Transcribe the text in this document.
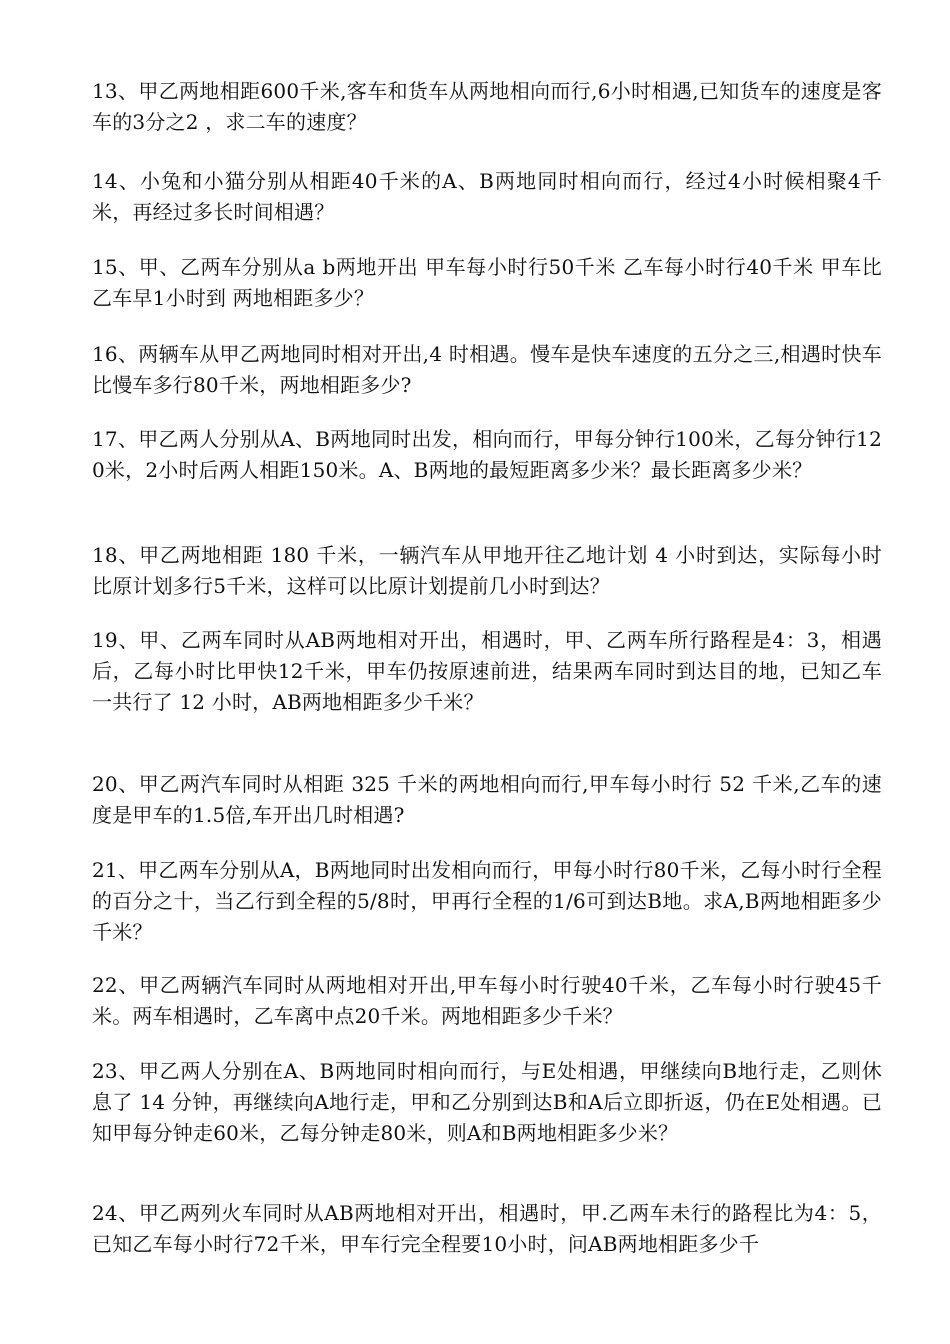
13、甲乙两地相距600千米,客车和货车从两地相向而行,6小时相遇,已知货车的速度是客车的3分之2 ，求二车的速度？

14、小兔和小猫分别从相距40千米的A、B两地同时相向而行，经过4小时候相聚4千米，再经过多长时间相遇？

15、甲、乙两车分别从a b两地开出 甲车每小时行50千米 乙车每小时行40千米 甲车比乙车早1小时到 两地相距多少？

16、两辆车从甲乙两地同时相对开出,4 时相遇。慢车是快车速度的五分之三,相遇时快车比慢车多行80千米，两地相距多少?

17、甲乙两人分别从A、B两地同时出发，相向而行，甲每分钟行100米，乙每分钟行120米，2小时后两人相距150米。A、B两地的最短距离多少米？最长距离多少米？

18、甲乙两地相距 180 千米，一辆汽车从甲地开往乙地计划 4 小时到达，实际每小时比原计划多行5千米，这样可以比原计划提前几小时到达？

19、甲、乙两车同时从AB两地相对开出，相遇时，甲、乙两车所行路程是4：3，相遇后，乙每小时比甲快12千米，甲车仍按原速前进，结果两车同时到达目的地，已知乙车一共行了 12 小时，AB两地相距多少千米？

20、甲乙两汽车同时从相距 325 千米的两地相向而行,甲车每小时行 52 千米,乙车的速度是甲车的1.5倍,车开出几时相遇?

21、甲乙两车分别从A，B两地同时出发相向而行，甲每小时行80千米，乙每小时行全程的百分之十，当乙行到全程的5/8时，甲再行全程的1/6可到达B地。求A,B两地相距多少千米？

22、甲乙两辆汽车同时从两地相对开出,甲车每小时行驶40千米，乙车每小时行驶45千米。两车相遇时，乙车离中点20千米。两地相距多少千米？

23、甲乙两人分别在A、B两地同时相向而行，与E处相遇，甲继续向B地行走，乙则休息了 14 分钟，再继续向A地行走，甲和乙分别到达B和A后立即折返，仍在E处相遇。已知甲每分钟走60米，乙每分钟走80米，则A和B两地相距多少米？

24、甲乙两列火车同时从AB两地相对开出，相遇时，甲.乙两车未行的路程比为4：5，已知乙车每小时行72千米，甲车行完全程要10小时，问AB两地相距多少千
